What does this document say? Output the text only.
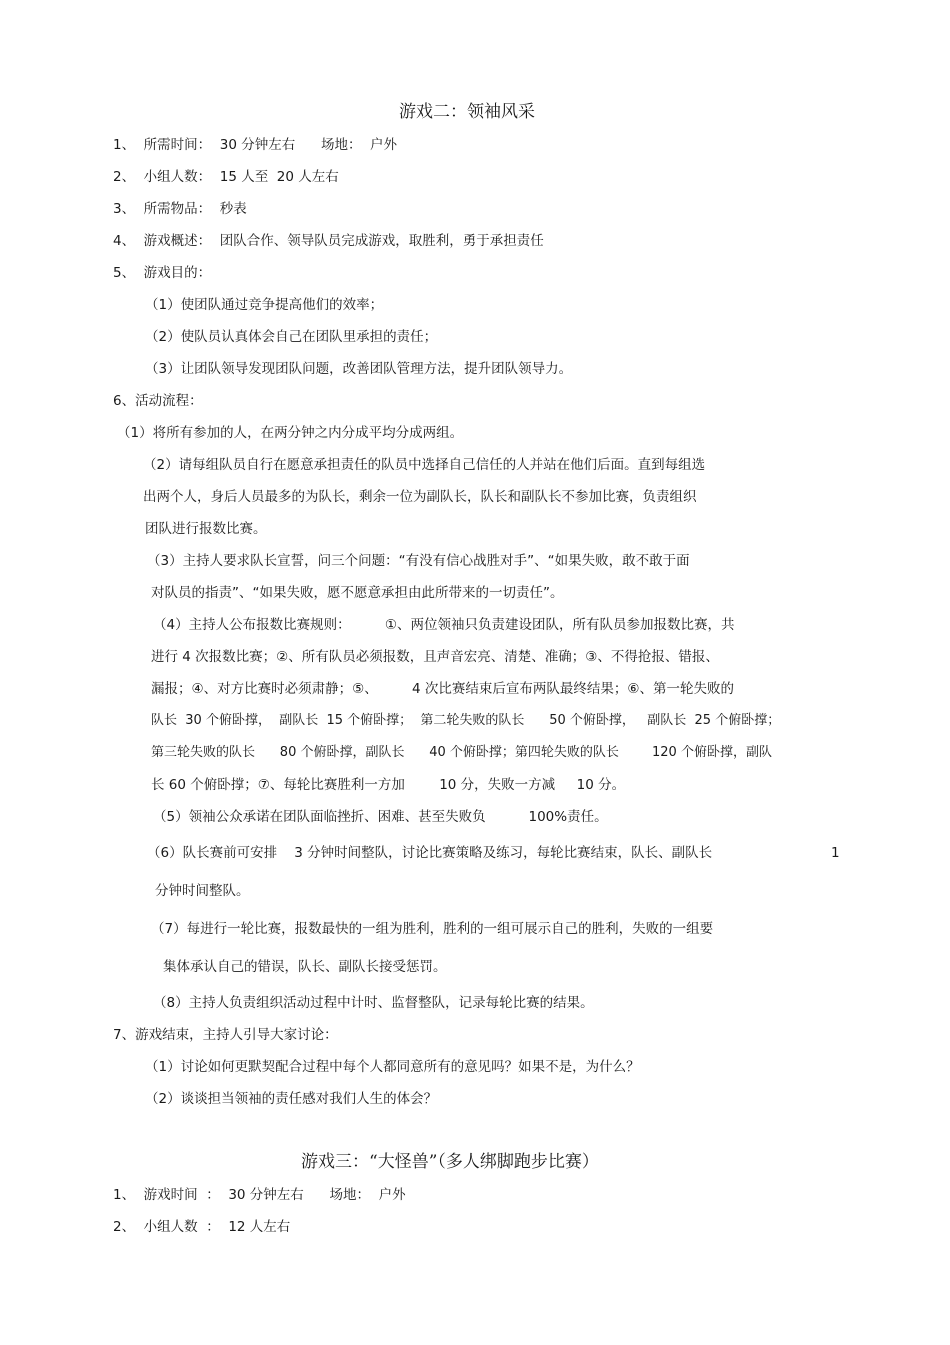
游戏二：领袖风采
1、  所需时间：  30 分钟左右      场地：  户外
2、  小组人数：  15 人至  20 人左右
3、  所需物品：  秒表
4、  游戏概述：  团队合作、领导队员完成游戏，取胜利，勇于承担责任
5、  游戏目的：
（1）使团队通过竞争提高他们的效率；
（2）使队员认真体会自己在团队里承担的责任；
（3）让团队领导发现团队问题，改善团队管理方法，提升团队领导力。
6、活动流程：
（1）将所有参加的人，在两分钟之内分成平均分成两组。
（2）请每组队员自行在愿意承担责任的队员中选择自己信任的人并站在他们后面。直到每组选
出两个人，身后人员最多的为队长，剩余一位为副队长，队长和副队长不参加比赛，负责组织
团队进行报数比赛。
（3）主持人要求队长宣誓，问三个问题：“有没有信心战胜对手”、“如果失败，敢不敢于面
对队员的指责”、“如果失败，愿不愿意承担由此所带来的一切责任”。
（4）主持人公布报数比赛规则：        ①、两位领袖只负责建设团队，所有队员参加报数比赛，共
进行 4 次报数比赛；②、所有队员必须报数，且声音宏亮、清楚、准确；③、不得抢报、错报、
漏报；④、对方比赛时必须肃静；⑤、        4 次比赛结束后宣布两队最终结果；⑥、第一轮失败的
队长  30 个俯卧撑，  副队长  15 个俯卧撑；  第二轮失败的队长      50 个俯卧撑，   副队长  25 个俯卧撑；
第三轮失败的队长      80 个俯卧撑，副队长      40 个俯卧撑；第四轮失败的队长        120 个俯卧撑，副队
长 60 个俯卧撑；⑦、每轮比赛胜利一方加        10 分，失败一方减     10 分。
（5）领袖公众承诺在团队面临挫折、困难、甚至失败负          100%责任。
（6）队长赛前可安排    3 分钟时间整队，讨论比赛策略及练习，每轮比赛结束，队长、副队长	1
分钟时间整队。
（7）每进行一轮比赛，报数最快的一组为胜利，胜利的一组可展示自己的胜利，失败的一组要
集体承认自己的错误，队长、副队长接受惩罚。
（8）主持人负责组织活动过程中计时、监督整队，记录每轮比赛的结果。
7、游戏结束，主持人引导大家讨论：
（1）讨论如何更默契配合过程中每个人都同意所有的意见吗？如果不是，为什么？
（2）谈谈担当领袖的责任感对我们人生的体会？
游戏三：“大怪兽”（多人绑脚跑步比赛）
1、  游戏时间  ：  30 分钟左右      场地：  户外
2、  小组人数  ：  12 人左右
